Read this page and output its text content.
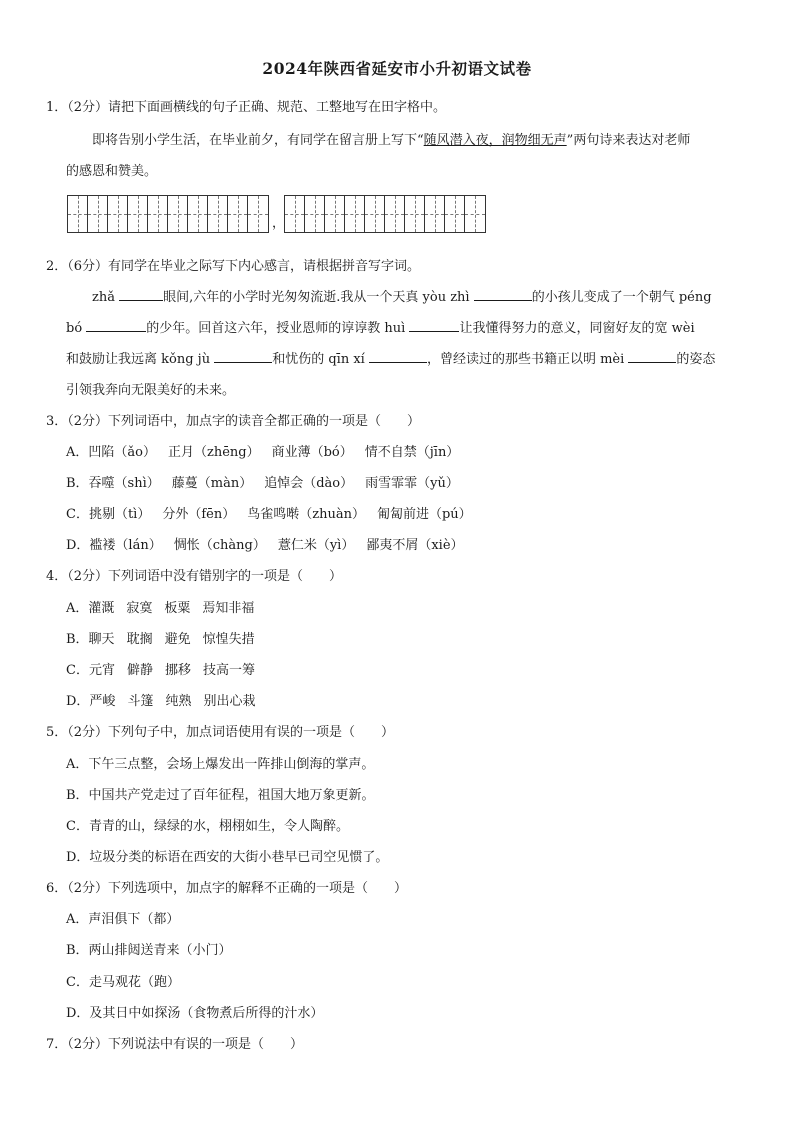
2024年陕西省延安市小升初语文试卷
1．（2分）请把下面画横线的句子正确、规范、工整地写在田字格中。
即将告别小学生活，在毕业前夕，有同学在留言册上写下“随风潜入夜，润物细无声”两句诗来表达对老师
的感恩和赞美。
，
2．（6分）有同学在毕业之际写下内心感言，请根据拼音写字词。
zhǎ	眼间,六年的小学时光匆匆流逝.我从一个天真 yòu zhì	的小孩儿变成了一个朝气 péng
bó	的少年。回首这六年，授业恩师的谆谆教 huì	让我懂得努力的意义，同窗好友的宽 wèi
和鼓励让我远离 kǒng jù	和忧伤的 qīn xí	，曾经读过的那些书籍正以明 mèi	的姿态
引领我奔向无限美好的未来。
3．（2分）下列词语中，加点字的读音全都正确的一项是（　　）
A．凹陷（ǎo） 正月（zhēng） 商业薄（bó） 情不自禁（jīn）
B．吞噬（shì） 藤蔓（màn） 追悼会（dào） 雨雪霏霏（yǔ）
C．挑剔（tì） 分外（fēn） 鸟雀鸣啭（zhuàn） 匍匐前进（pú）
D．褴褛（lán） 惆怅（chàng） 薏仁米（yì） 鄙夷不屑（xiè）
4．（2分）下列词语中没有错别字的一项是（　　）
A．灌溉 寂寞 板粟 焉知非福
B．聊天 耽搁 避免 惊惶失措
C．元宵 僻静 挪移 技高一筹
D．严峻 斗篷 纯熟 别出心栽
5．（2分）下列句子中，加点词语使用有误的一项是（　　）
A．下午三点整，会场上爆发出一阵排山倒海的掌声。
B．中国共产党走过了百年征程，祖国大地万象更新。
C．青青的山，绿绿的水，栩栩如生，令人陶醉。
D．垃圾分类的标语在西安的大街小巷早已司空见惯了。
6．（2分）下列选项中，加点字的解释不正确的一项是（　　）
A．声泪俱下（都）
B．两山排闼送青来（小门）
C．走马观花（跑）
D．及其日中如探汤（食物煮后所得的汁水）
7．（2分）下列说法中有误的一项是（　　）
